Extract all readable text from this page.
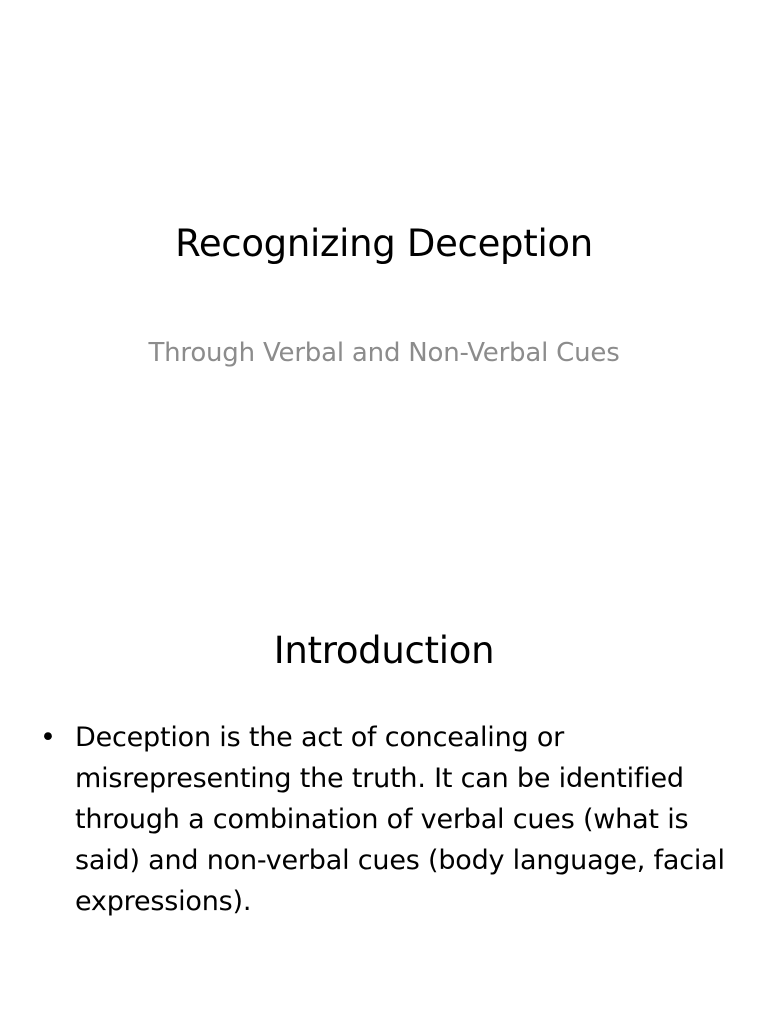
Recognizing Deception

Through Verbal and Non-Verbal Cues

Introduction
• Deception is the act of concealing or misrepresenting the truth. It can be identified through a combination of verbal cues (what is said) and non-verbal cues (body language, facial expressions).
